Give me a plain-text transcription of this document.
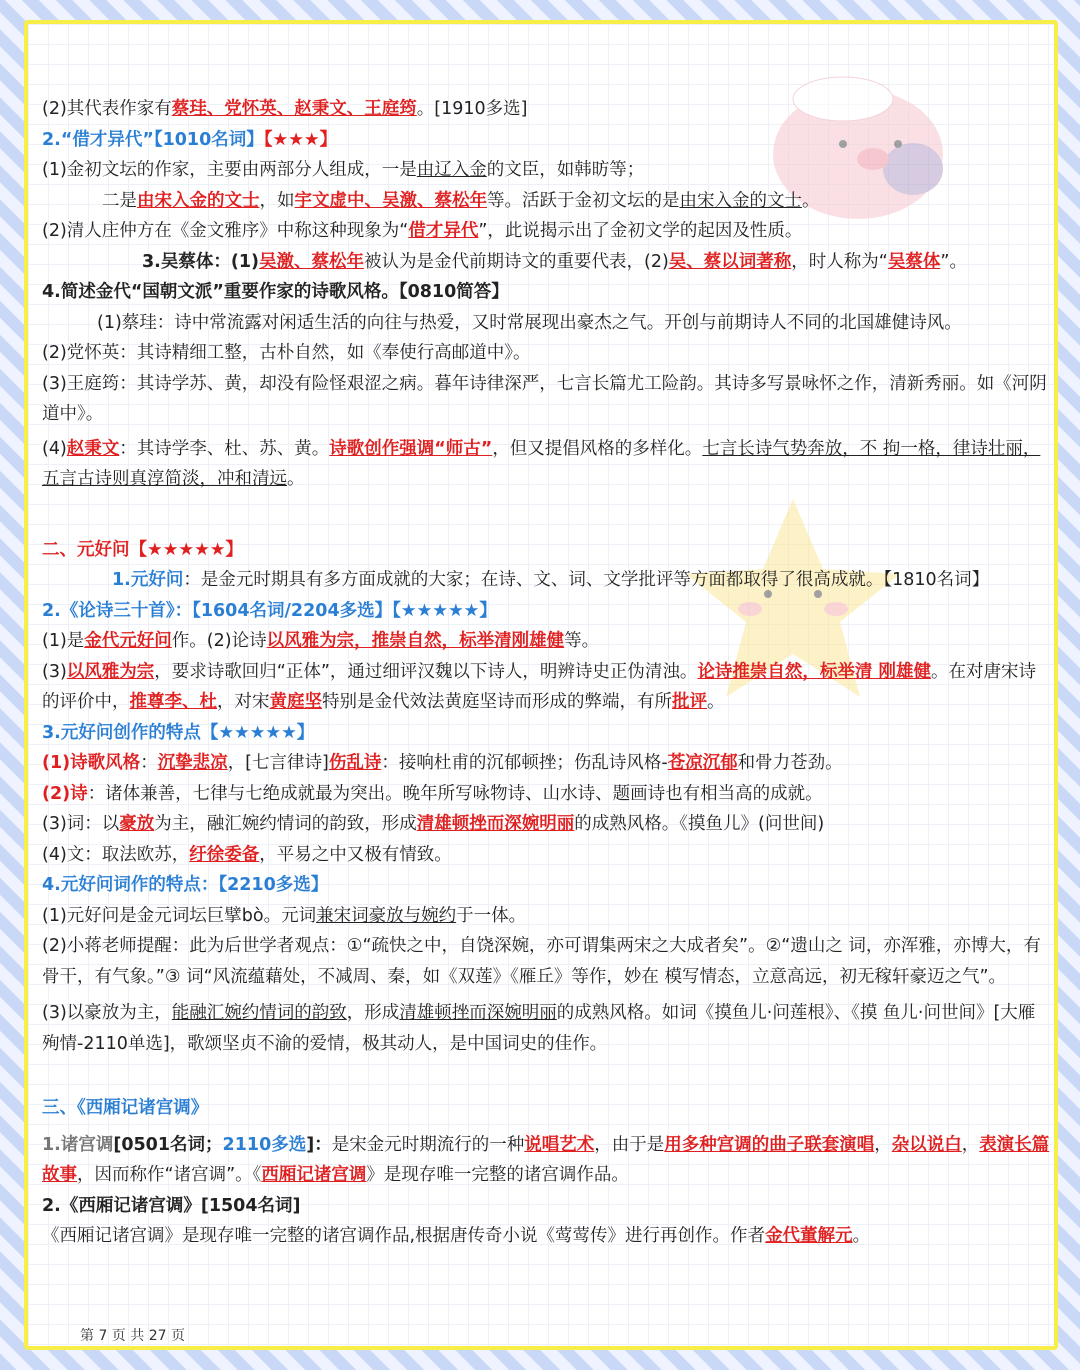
(2)其代表作家有蔡珪、党怀英、赵秉文、王庭筠。[1910多选]
2.“借才异代”【1010名词】【★★★】
(1)金初文坛的作家，主要由两部分人组成，一是由辽入金的文臣，如韩昉等；
二是由宋入金的文士，如宇文虚中、吴激、蔡松年等。活跃于金初文坛的是由宋入金的文士。
(2)清人庄仲方在《金文雅序》中称这种现象为“借才异代”，此说揭示出了金初文学的起因及性质。
3.吴蔡体：(1)吴激、蔡松年被认为是金代前期诗文的重要代表，(2)吴、蔡以词著称，时人称为“吴蔡体”。
4.简述金代“国朝文派”重要作家的诗歌风格。【0810简答】
(1)蔡珪：诗中常流露对闲适生活的向往与热爱，又时常展现出豪杰之气。开创与前期诗人不同的北国雄健诗风。
(2)党怀英：其诗精细工整，古朴自然，如《奉使行高邮道中》。
(3)王庭筠：其诗学苏、黄，却没有险怪艰涩之病。暮年诗律深严，七言长篇尤工险韵。其诗多写景咏怀之作，清新秀丽。如《河阴道中》。
(4)赵秉文：其诗学李、杜、苏、黄。诗歌创作强调“师古”，但又提倡风格的多样化。七言长诗气势奔放，不 拘一格，律诗壮丽，五言古诗则真淳简淡，冲和清远。
二、元好问【★★★★★】
1.元好问：是金元时期具有多方面成就的大家；在诗、文、词、文学批评等方面都取得了很高成就。【1810名词】
2.《论诗三十首》：【1604名词/2204多选】【★★★★★】
(1)是金代元好问作。(2)论诗以风雅为宗，推崇自然，标举清刚雄健等。
(3)以风雅为宗，要求诗歌回归“正体”，通过细评汉魏以下诗人，明辨诗史正伪清浊。论诗推崇自然，标举清 刚雄健。在对唐宋诗的评价中，推尊李、杜，对宋黄庭坚特别是金代效法黄庭坚诗而形成的弊端，有所批评。
3.元好问创作的特点【★★★★★】
(1)诗歌风格：沉挚悲凉，[七言律诗]伤乱诗：接响杜甫的沉郁顿挫；伤乱诗风格-苍凉沉郁和骨力苍劲。
(2)诗：诸体兼善，七律与七绝成就最为突出。晚年所写咏物诗、山水诗、题画诗也有相当高的成就。
(3)词：以豪放为主，融汇婉约情词的韵致，形成清雄顿挫而深婉明丽的成熟风格。《摸鱼儿》(问世间)
(4)文：取法欧苏，纡徐委备，平易之中又极有情致。
4.元好问词作的特点：【2210多选】
(1)元好问是金元词坛巨擘bò。元词兼宋词豪放与婉约于一体。
(2)小蒋老师提醒：此为后世学者观点：①“疏快之中，自饶深婉，亦可谓集两宋之大成者矣”。②“遗山之 词，亦浑雅，亦博大，有骨干，有气象。”③ 词“风流蕴藉处，不减周、秦，如《双莲》《雁丘》等作，妙在 模写情态，立意高远，初无稼轩豪迈之气”。
(3)以豪放为主，能融汇婉约情词的韵致，形成清雄顿挫而深婉明丽的成熟风格。如词《摸鱼儿·问莲根》、《摸 鱼儿·问世间》[大雁殉情-2110单选]，歌颂坚贞不渝的爱情，极其动人，是中国词史的佳作。
三、《西厢记诸宫调》
1.诸宫调[0501名词；2110多选]：是宋金元时期流行的一种说唱艺术，由于是用多种宫调的曲子联套演唱，杂以说白，表演长篇故事，因而称作“诸宫调”。《西厢记诸宫调》是现存唯一完整的诸宫调作品。
2.《西厢记诸宫调》[1504名词]
《西厢记诸宫调》是现存唯一完整的诸宫调作品,根据唐传奇小说《莺莺传》进行再创作。作者金代董解元。
第 7 页 共 27 页
